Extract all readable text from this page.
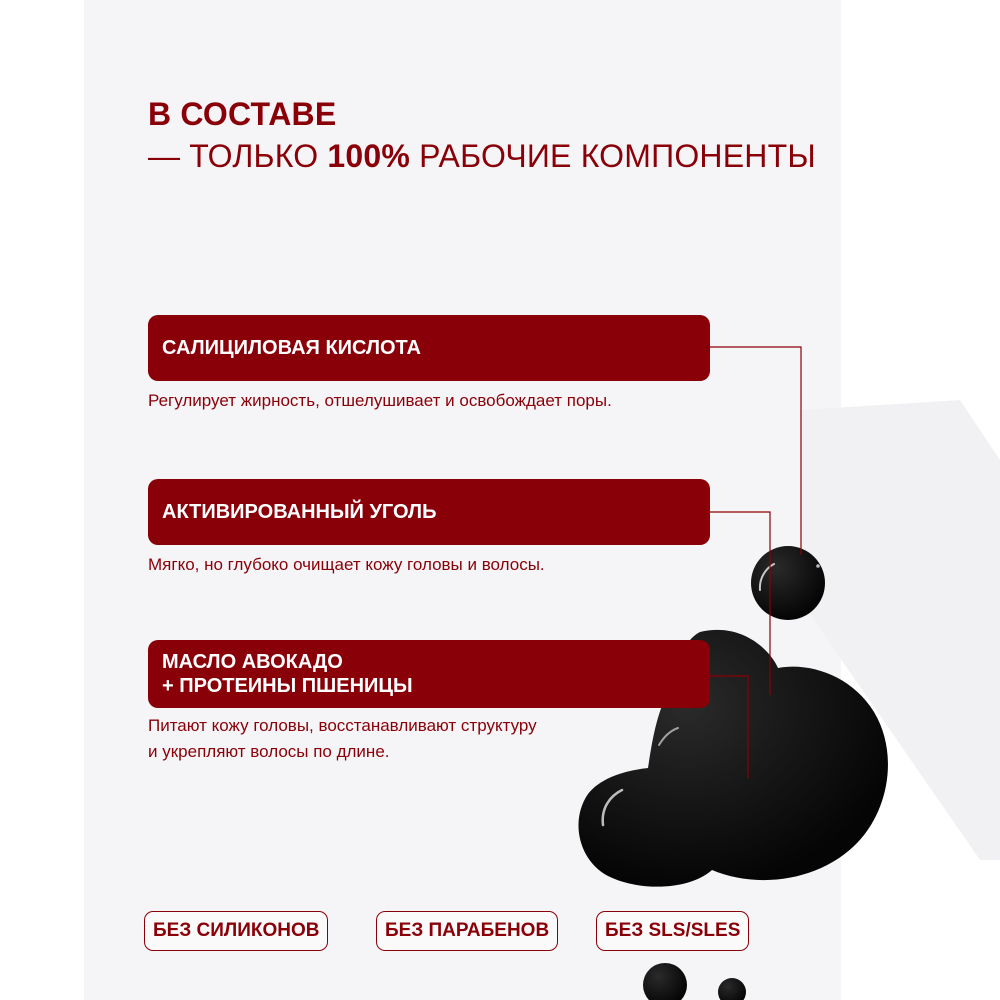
В СОСТАВЕ
— ТОЛЬКО 100% РАБОЧИЕ КОМПОНЕНТЫ
САЛИЦИЛОВАЯ КИСЛОТА

Регулирует жирность, отшелушивает и освобождает поры.

АКТИВИРОВАННЫЙ УГОЛЬ

Мягко, но глубоко очищает кожу головы и волосы.

МАСЛО АВОКАДО
+ ПРОТЕИНЫ ПШЕНИЦЫ

Питают кожу головы, восстанавливают структуру
и укрепляют волосы по длине.

БЕЗ СИЛИКОНОВ	БЕЗ ПАРАБЕНОВ	БЕЗ SLS/SLES
